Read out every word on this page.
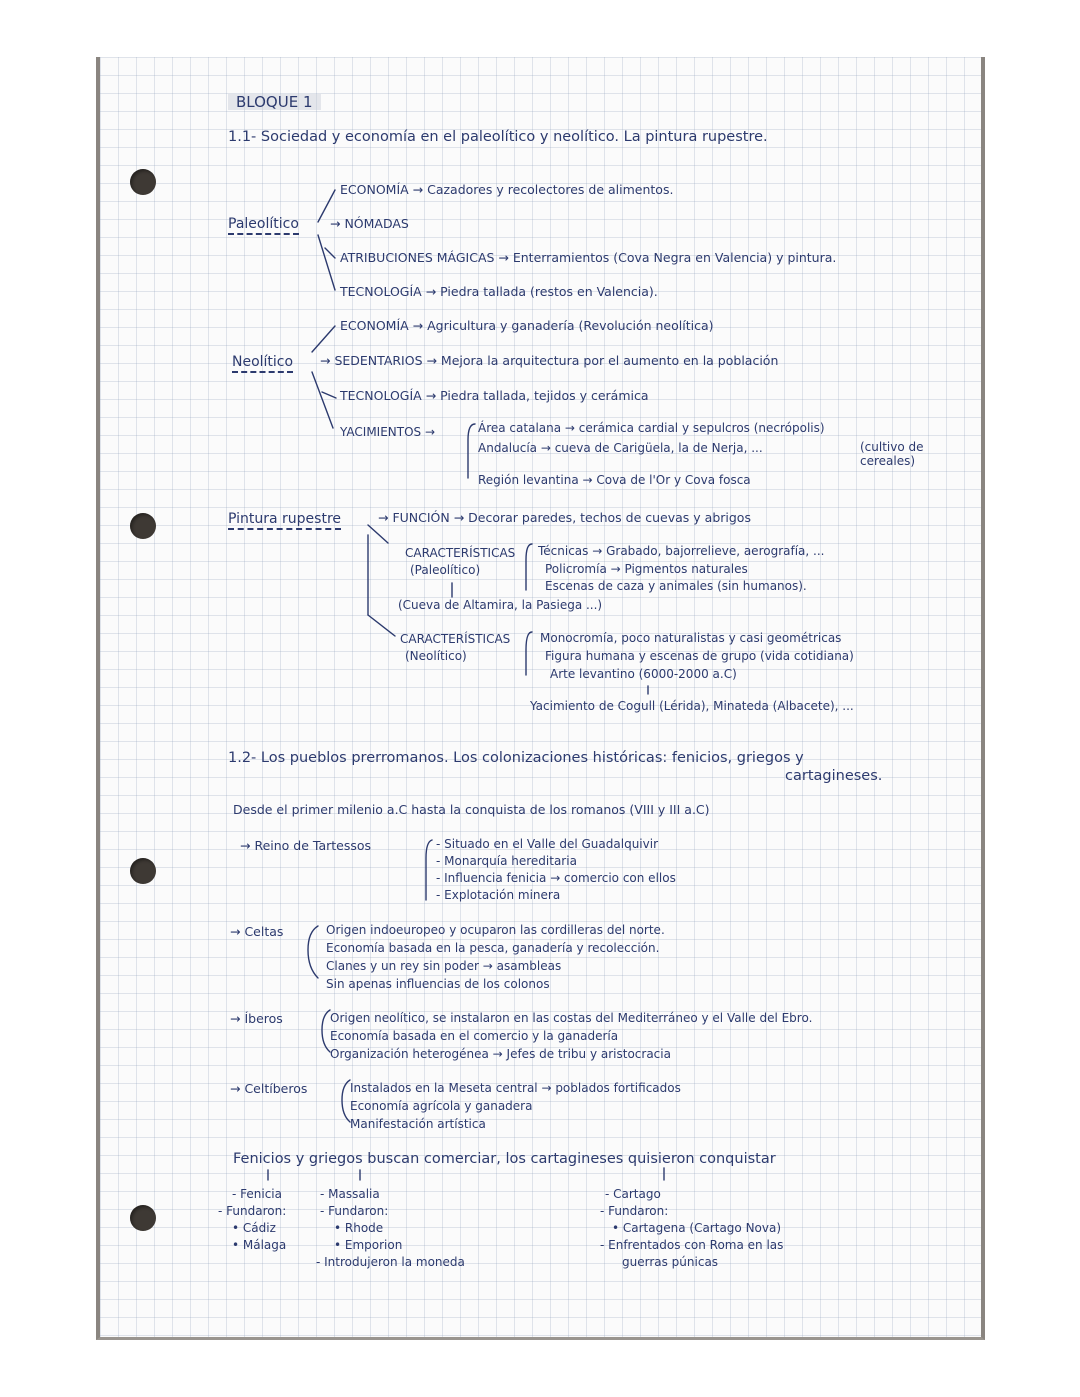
BLOQUE 1
1.1- Sociedad y economía en el paleolítico y neolítico. La pintura rupestre.
Paleolítico
ECONOMÍA → Cazadores y recolectores de alimentos.
→ NÓMADAS
ATRIBUCIONES MÁGICAS → Enterramientos (Cova Negra en Valencia) y pintura.
TECNOLOGÍA → Piedra tallada (restos en Valencia).
Neolítico
ECONOMÍA → Agricultura y ganadería (Revolución neolítica)
→ SEDENTARIOS → Mejora la arquitectura por el aumento en la población
TECNOLOGÍA → Piedra tallada, tejidos y cerámica
YACIMIENTOS →	Área catalana → cerámica cardial y sepulcros (necrópolis)
Andalucía → cueva de Carigüela, la de Nerja, ...	(cultivo de cereales)
Región levantina → Cova de l'Or y Cova fosca
Pintura rupestre	→ FUNCIÓN → Decorar paredes, techos de cuevas y abrigos
CARACTERÍSTICAS
(Paleolítico)
Técnicas → Grabado, bajorrelieve, aerografía, ...
Policromía → Pigmentos naturales
Escenas de caza y animales (sin humanos).
(Cueva de Altamira, la Pasiega ...)
CARACTERÍSTICAS
(Neolítico)
Monocromía, poco naturalistas y casi geométricas
Figura humana y escenas de grupo (vida cotidiana)
Arte levantino (6000-2000 a.C)
Yacimiento de Cogull (Lérida), Minateda (Albacete), ...
1.2- Los pueblos prerromanos. Los colonizaciones históricas: fenicios, griegos y
cartagineses.
Desde el primer milenio a.C hasta la conquista de los romanos (VIII y III a.C)
→ Reino de Tartessos	- Situado en el Valle del Guadalquivir
- Monarquía hereditaria
- Influencia fenicia → comercio con ellos
- Explotación minera
→ Celtas	Origen indoeuropeo y ocuparon las cordilleras del norte.
Economía basada en la pesca, ganadería y recolección.
Clanes y un rey sin poder → asambleas
Sin apenas influencias de los colonos
→ Íberos	Origen neolítico, se instalaron en las costas del Mediterráneo y el Valle del Ebro.
Economía basada en el comercio y la ganadería
Organización heterogénea → Jefes de tribu y aristocracia
→ Celtíberos	Instalados en la Meseta central → poblados fortificados
Economía agrícola y ganadera
Manifestación artística
Fenicios y griegos buscan comerciar, los cartagineses quisieron conquistar
- Fenicia
- Fundaron:
• Cádiz
• Málaga
- Massalia
- Fundaron:
• Rhode
• Emporion
- Introdujeron la moneda
- Cartago
- Fundaron:
• Cartagena (Cartago Nova)
- Enfrentados con Roma en las
guerras púnicas
